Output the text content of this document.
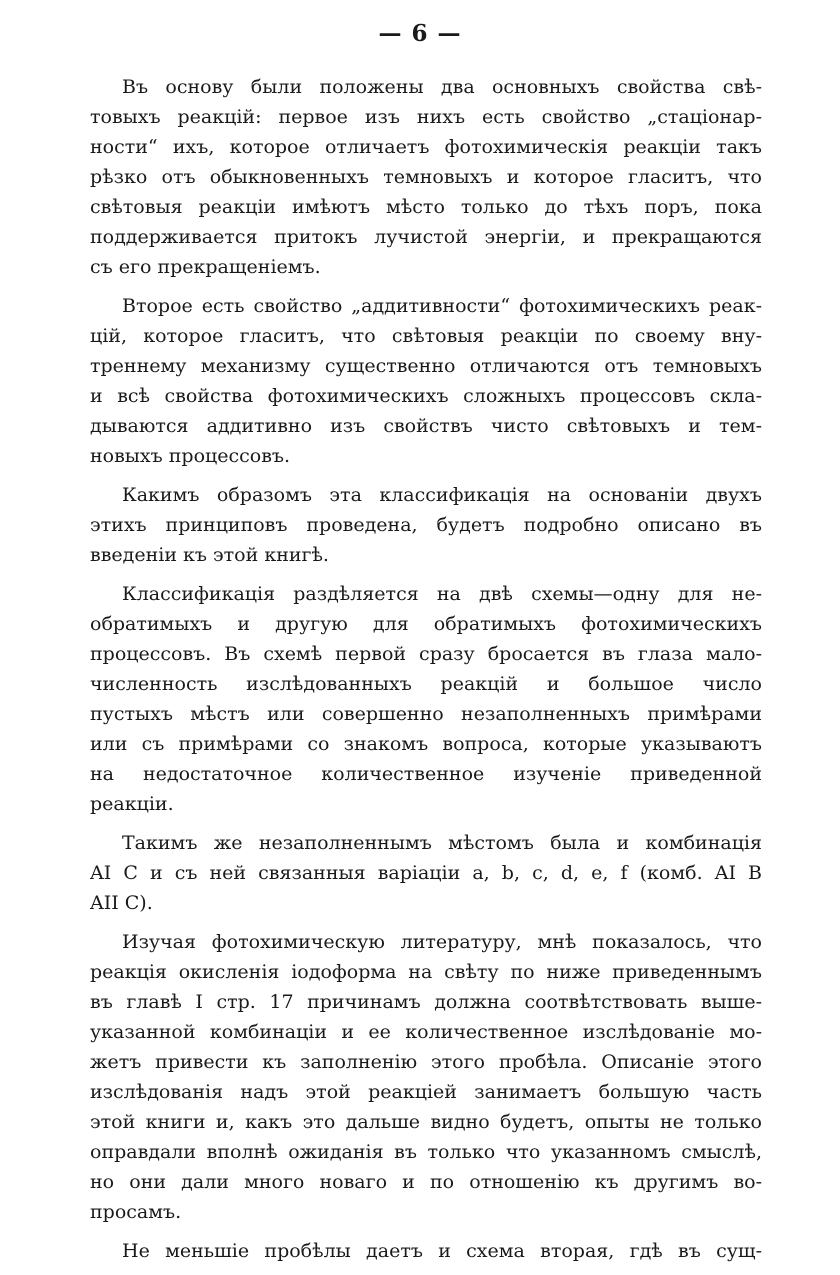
— 6 —
Въ основу были положены два основныхъ свойства свѣ-
товыхъ реакцій: первое изъ нихъ есть свойство „стаціонар-
ности“ ихъ, которое отличаетъ фотохимическія реакціи такъ
рѣзко отъ обыкновенныхъ темновыхъ и которое гласитъ, что
свѣтовыя реакціи имѣютъ мѣсто только до тѣхъ поръ, пока
поддерживается притокъ лучистой энергіи, и прекращаются
съ его прекращеніемъ.
Второе есть свойство „аддитивности“ фотохимическихъ реак-
цій, которое гласитъ, что свѣтовыя реакціи по своему вну-
треннему механизму существенно отличаются отъ темновыхъ
и всѣ свойства фотохимическихъ сложныхъ процессовъ скла-
дываются аддитивно изъ свойствъ чисто свѣтовыхъ и тем-
новыхъ процессовъ.
Какимъ образомъ эта классификація на основаніи двухъ
этихъ принциповъ проведена, будетъ подробно описано въ
введеніи къ этой книгѣ.
Классификація раздѣляется на двѣ схемы—одну для не-
обратимыхъ и другую для обратимыхъ фотохимическихъ
процессовъ. Въ схемѣ первой сразу бросается въ глаза мало-
численность изслѣдованныхъ реакцій и большое число
пустыхъ мѣстъ или совершенно незаполненныхъ примѣрами
или съ примѣрами со знакомъ вопроса, которые указываютъ
на недостаточное количественное изученіе приведенной
реакціи.
Такимъ же незаполненнымъ мѣстомъ была и комбинація
AI C и съ ней связанныя варіаціи a, b, c, d, e, f (комб. AI B
AII C).
Изучая фотохимическую литературу, мнѣ показалось, что
реакція окисленія іодоформа на свѣту по ниже приведеннымъ
въ главѣ I стр. 17 причинамъ должна соотвѣтствовать выше-
указанной комбинаціи и ее количественное изслѣдованіе мо-
жетъ привести къ заполненію этого пробѣла. Описаніе этого
изслѣдованія надъ этой реакціей занимаетъ большую часть
этой книги и, какъ это дальше видно будетъ, опыты не только
оправдали вполнѣ ожиданія въ только что указанномъ смыслѣ,
но они дали много новаго и по отношенію къ другимъ во-
просамъ.
Не меньшіе пробѣлы даетъ и схема вторая, гдѣ въ сущ-
